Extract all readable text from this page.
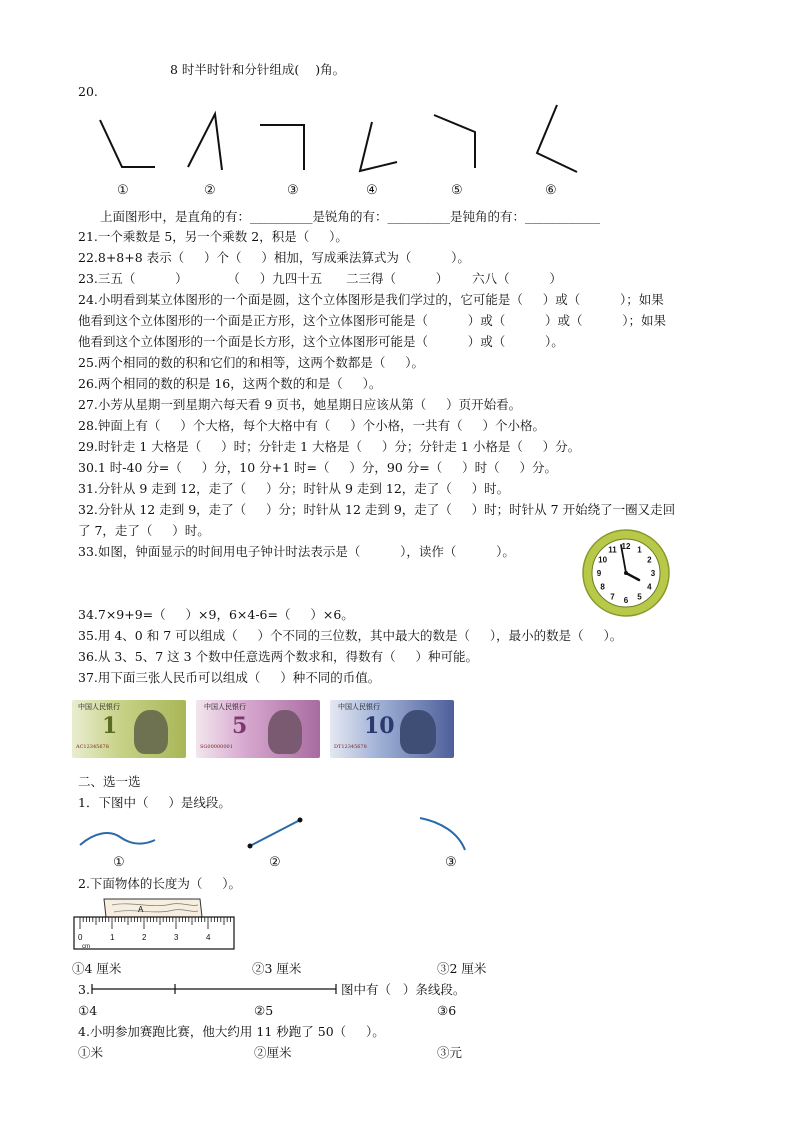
8 时半时针和分针组成(    )角。
20.
①	②	③	④	⑤	⑥
上面图形中，是直角的有：__________是锐角的有：__________是钝角的有：____________
21.一个乘数是 5，另一个乘数 2，积是（     ）。
22.8+8+8 表示（     ）个（     ）相加，写成乘法算式为（          ）。
23.三五（          ）          （     ）九四十五      二三得（          ）      六八（          ）
24.小明看到某立体图形的一个面是圆，这个立体图形是我们学过的，它可能是（     ）或（          ）；如果
他看到这个立体图形的一个面是正方形，这个立体图形可能是（          ）或（          ）或（          ）；如果
他看到这个立体图形的一个面是长方形，这个立体图形可能是（          ）或（          ）。
25.两个相同的数的积和它们的和相等，这两个数都是（     ）。
26.两个相同的数的积是 16，这两个数的和是（     ）。
27.小芳从星期一到星期六每天看 9 页书，她星期日应该从第（     ）页开始看。
28.钟面上有（     ）个大格，每个大格中有（     ）个小格，一共有（     ）个小格。
29.时针走 1 大格是（     ）时；分针走 1 大格是（     ）分；分针走 1 小格是（     ）分。
30.1 时-40 分=（     ）分，10 分+1 时=（     ）分，90 分=（     ）时（     ）分。
31.分针从 9 走到 12，走了（     ）分；时针从 9 走到 12，走了（     ）时。
32.分针从 12 走到 9，走了（     ）分；时针从 12 走到 9，走了（     ）时；时针从 7 开始绕了一圈又走回
了 7，走了（     ）时。
33.如图，钟面显示的时间用电子钟计时法表示是（          ），读作（          ）。	12 1
2
3
4
5
6
7
8
9
10
11
34.7×9+9=（     ）×9，6×4-6=（     ）×6。
35.用 4、0 和 7 可以组成（     ）个不同的三位数，其中最大的数是（     ），最小的数是（     ）。
36.从 3、5、7 这 3 个数中任意选两个数求和，得数有（     ）种可能。
37.用下面三张人民币可以组成（     ）种不同的币值。
中国人民银行
1
AC12345678
中国人民银行
5
SG00000001
中国人民银行
10
DT12345678
二、选一选
1．下图中（     ）是线段。
①	②	③
2.下面物体的长度为（     ）。
A
0	1	2	3	4
cm
①4 厘米	②3 厘米	③2 厘米
3.	图中有（   ）条线段。
①4	②5	③6
4.小明参加赛跑比赛，他大约用 11 秒跑了 50（     ）。
①米	②厘米	③元
